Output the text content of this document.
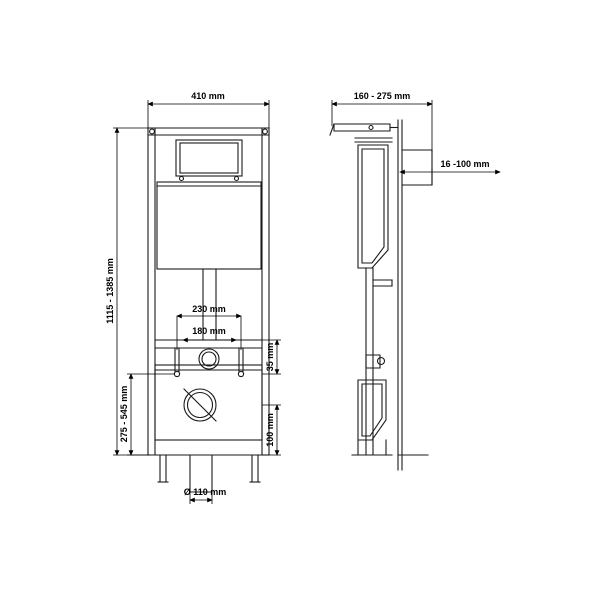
410 mm
1115 - 1385 mm
275 - 545 mm
230 mm
180 mm
35 mm
100 mm
Ø 110 mm
160 - 275 mm
16 -100 mm
